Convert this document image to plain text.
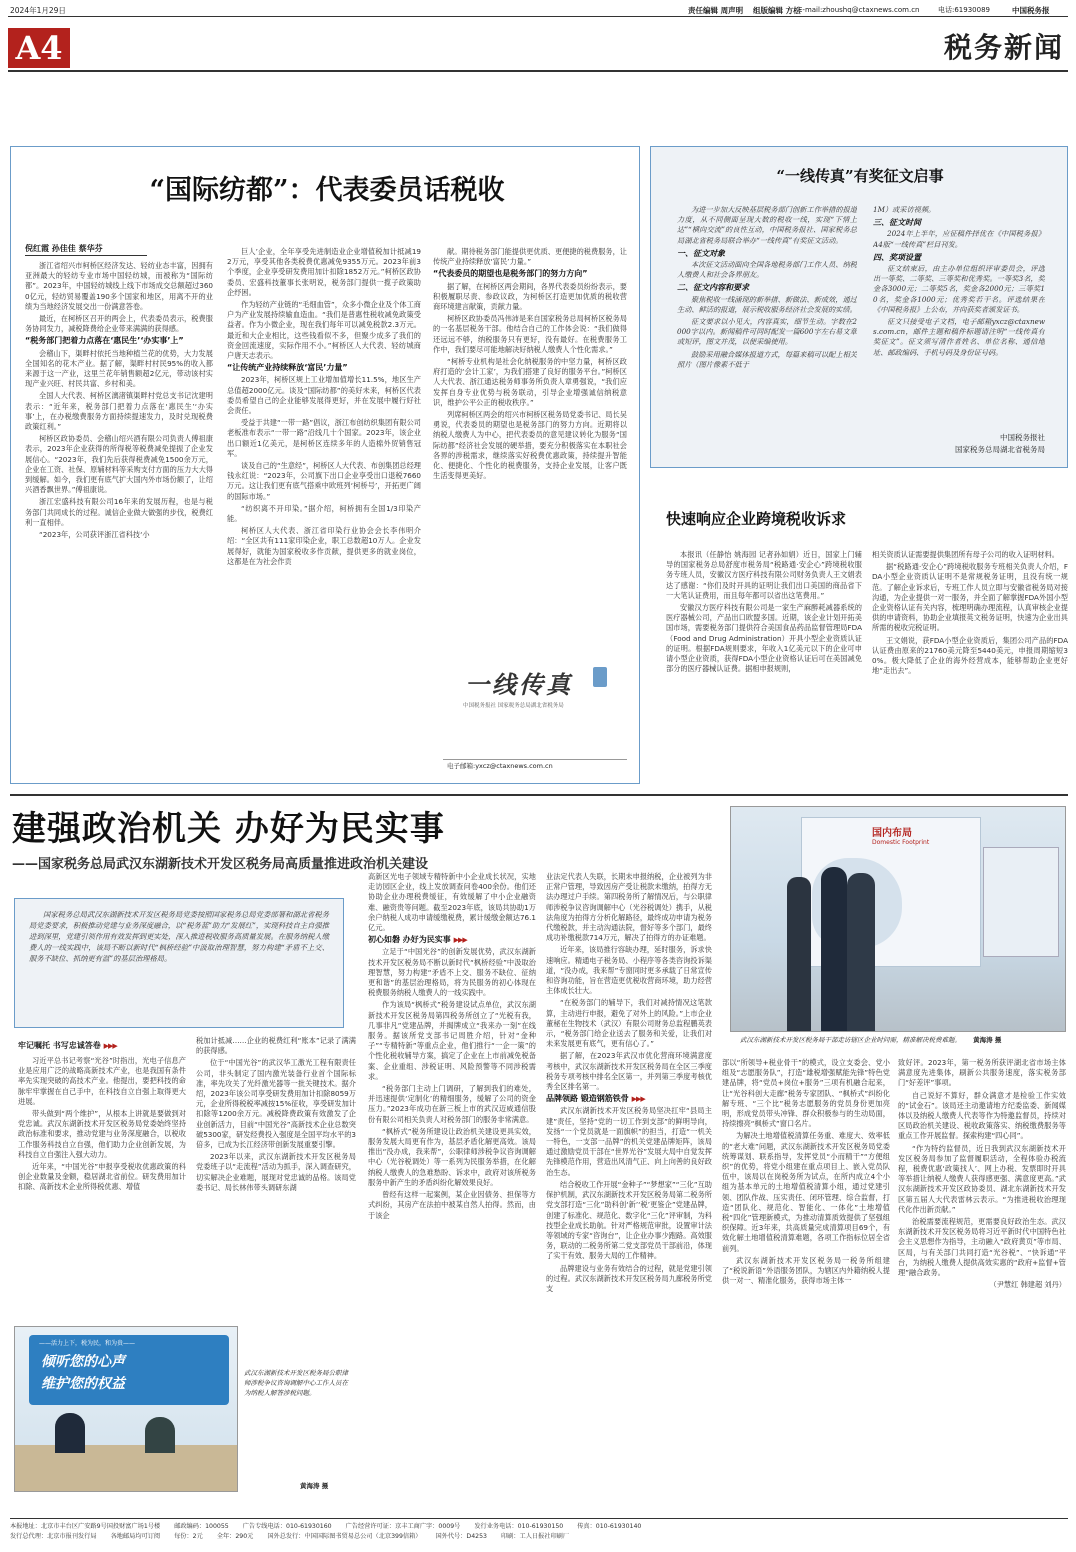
2024年1月29日	责任编辑 周声明 组版编辑 方松
E-mail:zhoushq@ctaxnews.com.cn	电话:61930089	中国税务报
A4	税务新闻
“国际纺都”：代表委员话税收
倪红霞 孙佳佳 蔡华芬

浙江省绍兴市柯桥区经济发达、轻纺业态丰富，因拥有亚洲最大的轻纺专业市场中国轻纺城，而被称为“国际纺都”。2023年，中国轻纺城线上线下市场成交总额超过3600亿元，轻纺贸易覆盖190多个国家和地区，用离不开的业绩为当地经济发展交出一份满意答卷。

最近，在柯桥区召开的两会上，代表委员表示，税费服务协同发力，减税降费给企业带来满满的获得感。

“税务部门把着力点落在‘惠民生’‘办实事’上”

会稽山下，渠畔村依托当地种植兰花的优势，大力发展全国知名的花木产业。据了解，渠畔村村民95%的收入都来源于这一产业，这里兰花年销售额超2亿元，带动该村实现产业兴旺、村民共富、乡村和美。

全国人大代表、柯桥区漓渚镇渠畔村党总支书记沈建明表示：“近年来，税务部门把着力点落在‘惠民生’‘办实事’上，在办税缴费服务方面持续提速发力，及时兑现税费政策红利。”

柯桥区政协委员、会稽山绍兴酒有限公司负责人傅祖康表示，2023年企业获得的所得税等税费减免提振了企业发展信心。“2023年，我们先后获得税费减免1500余万元，企业在工资、社保、原辅材料等采购支付方面的压力大大得到缓解。如今，我们更有底气扩大国内外市场份额了，让绍兴酒香飘世界。”傅祖康说。

浙江宏盛科技有限公司16年来的发展历程，也是与税务部门共同成长的过程。诚信企业做大做强的步伐，税费红利一直相伴。

“2023年，公司获评浙江省科技‘小

巨人’企业，全年享受先进制造业企业增值税加计抵减192万元，享受其他各类税费优惠减免9355万元。2023年前3个季度，企业享受研发费用加计扣除1852万元。”柯桥区政协委员、宏盛科技董事长张明说，税务部门提供一揽子政策助企纾困。

作为轻纺产业链的“毛细血管”，众多小微企业及个体工商户为产业发展持续输血造血。“我们是普惠性税收减免政策受益者。作为小微企业，现在我们每年可以减免税款2.3万元。最近和大企业相比，这些钱看似不多，但聚少成多了我们的资金回流速度，实际作用不小。”柯桥区人大代表、轻纺城商户唐天志表示。

“让传统产业持续释放‘富民’力量”

2023年，柯桥区规上工业增加值增长11.5%，地区生产总值超2000亿元。谈及“国际纺都”的美好未来，柯桥区代表委员希望自己的企业能够发展得更好，并在发展中履行好社会责任。

受益于共建“一带一路”倡议，浙江布创纺织集团有限公司老板准布表示“一带一路”沿线几十个国家。2023年，该企业出口额近1亿美元，是柯桥区连续多年的人造棉外贸销售冠军。

谈及自己的“生意经”，柯桥区人大代表、布创集团总经理钱永红说：“2023年，公司旗下出口企业享受出口退税7660万元。这让我们更有底气搭乘中欧班列‘柯桥号’，开拓更广阔的国际市场。”

“纺织离不开印染。”据介绍，柯桥拥有全国1/3印染产能。

柯桥区人大代表、浙江省印染行业协会会长李伟明介绍：“全区共有111家印染企业，职工总数超10万人。企业发展得好，就能为国家税收多作贡献，提供更多的就业岗位，这都是在为社会作贡

献。期待税务部门能提供更优质、更便捷的税费服务，让传统产业持续释放‘富民’力量。”

“代表委员的期望也是税务部门的努力方向”

据了解，在柯桥区两会期间，各界代表委员纷纷表示，要积极履职尽责、参政议政，为柯桥区打造更加优质的税收营商环境建言献策，贡献力量。

柯桥区政协委员冯伟沛是来自国家税务总局柯桥区税务局的一名基层税务干部。他结合自己的工作体会说：“我们做得还远远不够，纳税服务只有更好，没有最好。在税费服务工作中，我们要尽可能地解决好纳税人缴费人个性化需求。”

“柯桥专业机构是社会化纳税服务的中坚力量，柯桥区政府打造的‘会计工家’，为我们搭建了良好的服务平台。”柯桥区人大代表、浙江通达税务师事务所负责人章勇强说，“我们应发挥自身专业优势与税务联动，引导企业增强诚信纳税意识，维护公平公正的税收秩序。”

列席柯桥区两会的绍兴市柯桥区税务局党委书记、局长吴勇说，代表委员的期望也是税务部门的努力方向。近期将以纳税人缴费人为中心，把代表委员的意见建议转化为服务“国际纺都”经济社会发展的硬举措，要充分积极落实在本职社会各界的涉税需求，继续落实好税费优惠政策，持续提升智能化、便捷化、个性化的税费服务，支持企业发展，让客户既生活变得更美好。

一线传真
中国税务报社 国家税务总局湖北省税务局
电子邮箱:yxcz@ctaxnews.com.cn
“一线传真”有奖征文启事

为进一步加大反映基层税务部门创新工作举措的报道力度，从不同侧面呈现大数的税收一线，实现“下情上达”“横向交流”的良性互动，中国税务报社、国家税务总局湖北省税务局联合举办“一线传真”有奖征文活动。

一、征文对象

本次征文活动面向全国各地税务部门工作人员、纳税人缴费人和社会各界朋友。

二、征文内容和要求

聚焦税收一线涌现的新举措、新做法、新成效，通过生动、鲜活的报道，展示税收服务经济社会发展的实绩。

征文要求以小见大，内容真实，细节生动。字数在2000字以内。新闻稿件可同时配发一篇600字左右易文章或短评，图文并茂，以便采编使用。

鼓励采用融合媒体报道方式，每篇来稿可以配上相关照片（图片像素不低于

1M）或采访视频。

三、征文时间

2024年上半年，应征稿件择优在《中国税务报》A4版“一线传真”栏目刊发。

四、奖项设置

征文结束后，由主办单位组织评审委员会，评选出一等奖、二等奖、三等奖和优秀奖。一等奖3名，奖金各3000元；二等奖5名，奖金各2000元；三等奖10名，奖金各1000元；优秀奖若干名。评选结果在《中国税务报》上公布，并向获奖者颁发证书。

征文只接受电子文档，电子邮箱yxcz@ctaxnews.com.cn，邮件主题和稿件标题请注明“一线传真有奖征文”。征文须写清作者姓名、单位名称、通信地址、邮政编码、手机号码及身份证号码。

中国税务报社
国家税务总局湖北省税务局
快速响应企业跨境税收诉求

本报讯（任静怡 姚海园 记者孙如娟）近日，国家上门辅导的国家税务总局舒度市税务局“税路通·安企心”跨境税收服务专班人员，安徽汉方医疗科技有限公司财务负责人王文娟表达了感谢：“你们及时开具的证明让我们出口美国的商品省下一大笔认证费用，而且每年都可以省出这笔费用。”

安徽汉方医疗科技有限公司是一家生产麻醉耗减器系统的医疗器械公司，产品出口欧盟多国。近期，该企业计划开拓美国市场，需要税务部门提供符合美国食品药品监督管理局FDA（Food and Drug Administration）开具小型企业资质认证的证明。根据FDA规则要求，年收入1亿美元以下的企业可申请小型企业资质，获得FDA小型企业资格认证后可在美国减免部分的医疗器械认证费。据相申报规则，

相关资质认证需要提供集团所有母子公司的收入证明材料。

据“税路通·安企心”跨境税收服务专班相关负责人介绍，FDA小型企业资质认证明不是常规税务证明，且没有统一规范。了解企业诉求后，专班工作人员立即与安徽省税务局对接沟通，为企业提供一对一服务，并全面了解掌握FDA外国小型企业资格认证有关内容，梳理明确办理流程，认真审核企业提供的申请资料，协助企业填报英文税务证明，快速为企业出具所需的税收完税证明。

王文娟说，获FDA小型企业资质后，集团公司产品的FDA认证费由原来的21760美元降至5440美元，申报周期缩短30%。极大降低了企业的海外经营成本，能够帮助企业更好地“走出去”。

建强政治机关 办好为民实事
——国家税务总局武汉东湖新技术开发区税务局高质量推进政治机关建设
国家税务总局武汉东湖新技术开发区税务局党委按照国家税务总局党委部署和湖北省税务局党委要求，积极推动党建与业务深度融合，以“税务蓝”助力“发展红”，实现科技自主自强推进到深里，党建引领作用有效发挥到更实处，深入推进税收服务高质量发展。在服务纳税人缴费人的一线实践中，该局不断以新时代“枫桥经验”中汲取治理智慧，努力构建“矛盾不上交、服务不缺位、抓纳更有温”的基层治理格局。
牢记嘱托 书写忠诚答卷 ▶▶▶

习近平总书记考察“光谷”时指出，光电子信息产业是应用广泛的战略高新技术产业，也是我国有条件率先实现突破的高技术产业。他提出，要把科技的命脉牢牢掌握在自己手中，在科技自立自强上取得更大进展。

带头做到“两个维护”，从根本上讲就是要做到对党忠诚。武汉东湖新技术开发区税务局党委始终坚持政治标准和要求，推动党建与业务深度融合，以税收工作服务科技自立自强，他们助力企业创新发展，为科技自立自强注入强大动力。

近年来，“中国光谷”申报享受税收优惠政策的科创企业数量及金额，稳居湖北省前位。研发费用加计扣除、高新技术企业所得税优惠、增值

税加计抵减……企业的税费红利“账本”记录了满满的获得感。

位于“中国光谷”的武汉华工激光工程有限责任公司，非头制定了国内激光装备行业首个国际标准，率先攻关了光纤激光器等一批关键技术。据介绍，2023年该公司享受研发费用加计扣除8059万元，企业所得税税率减按15%征收，享受研发加计扣除等1200余万元。减税降费政策有效激发了企业创新活力，目前“中国光谷”高新技术企业总数突破5300家，研发经费投入强度是全国平均水平的3倍多，已成为长江经济带创新发展重要引擎。

2023年以来，武汉东湖新技术开发区税务局党委班子以“走流程”活动为抓手，深入调查研究，切实解决企业难题，展现对党忠诚的品格。该局党委书记、局长林伟带头调研东湖

高新区光电子领域专精特新中小企业成长状况，实地走访园区企业，线上发放调查问卷400余份。他们还协助企业办理税费缓征，有效缓解了中小企业融资难、融资贵等问题。截至2023年底，该局共协助1万余户纳税人成功申请缓缴税费，累计缓缴金额达76.1亿元。

初心如磐 办好为民实事 ▶▶▶

立足于“中国光谷”的创新发展优势，武汉东湖新技术开发区税务局不断以新时代“枫桥经验”中汲取治理智慧，努力构建“矛盾不上交、服务不缺位、征纳更和谐”的基层治理格局，将为民服务的初心体现在税费服务纳税人缴费人的一线实践中。

作为该局“枫桥式”税务建设试点单位，武汉东湖新技术开发区税务局第四税务所创立了“光税有我，几事非凡”党建品牌，并揭牌成立“我来办一刻”在线服务。据该所党支部书记周胜介绍，针对“金种子”“专精特新”等重点企业，他们推行“一企一策”的个性化税收辅导方案，搞定了企业在上市前减免税备案、企业重组、涉税证明、风险预警等不同涉税需求。

“税务部门主动上门调研，了解到我们的难处，并迅速提供‘定制化’的精细服务，缓解了公司的资金压力。”2023年成功在新三板上市的武汉迈威通信股份有限公司相关负责人对税务部门的服务非常满意。

“枫桥式”税务所建设让政治机关建设更具实效，服务发展大局更有作为，基层矛盾化解更高效。该局推出“没办成，我来帮”，公职律师涉税争议咨询调解中心（光谷税调处）等一系列为民服务举措，在化解纳税人缴费人的急难愁盼、诉求中，政府对该所税务服务中新产生的矛盾纠纷化解效果良好。

曾经有这样一起案例，某企业因债务、担保等方式纠纷，其房产在法拍中被某自然人拍得。然而，由于该企

业法定代表人失联，长期未申报纳税，企业被列为非正常户管理，导致因房产受让税款未缴纳，拍得方无法办理过户手续。第四税务所了解情况后，与公职律师涉税争议咨询调解中心（光谷税调处）携手，从税法角度为拍得方分析化解路径，最终成功申请为税务代缴税款，并主动沟通法院，督好等多个部门，最终成功补缴税款714万元，解决了拍得方的办证难题。

近年来，该局推行容缺办理，延时服务，诉求快速响应。精通电子税务局、小程序等各类咨询投诉渠道，“没办成，我来帮”专窗同时更多承载了日常宣传和咨询功能，旨在营造更优税收营商环境，助力经营主体成长壮大。

“在税务部门的辅导下，我们对减持情况这笔款算，主动进行申报，避免了对外上的风险。”上市企业董秘在生物技术（武汉）有限公司财务总监程鹏英表示，“税务部门给企业送去了服务和关爱，让我们对未来发展更有底气，更有信心了。”

据了解，在2023年武汉市优化营商环境满意度考核中，武汉东湖新技术开发区税务局在全区三季度税务专项考核中排名全区第一，并列第三季度考核优秀全区排名第一。

品牌领路 锻造钢筋铁骨 ▶▶▶

武汉东湖新技术开发区税务局坚决扛牢“县局主建”责任，坚持“党的一切工作到支部”的鲜明导向，发扬“一个党员就是一面旗帜”的担当，打造“一机关一特色，一支部一品牌”的机关党建品牌矩阵，该局通过激励党员干部在“世界光谷”发展大局中自觉发挥先锋模范作用，营造出风清气正、向上向善的良好政治生态。

结合税收工作开展“金种子”“梦想家”“三化”互助保护机制，武汉东湖新技术开发区税务局第二税务所党支部打造“三化”助科创‘新’‘税’更鉴企”党建品牌，创建了标准化、规范化、数字化“三化”评审制，为科技型企业成长助航。针对严格规范审批，设置审计法等领域的专家“咨询台”，让企业办事少跑路。高效服务，联动的二税务所第二党支部党员干部前沿，体现了实干有效、服务大局的工作精神。

品牌建设与业务有效结合的过程，就是党建引领的过程。武汉东湖新技术开发区税务局九廊税务所党支

国内布局
Domestic Footprint
武汉东湖新技术开发区税务局干部走访辖区企业时问需，精准解决税费难题。 黄海涛 摄

部以“所领导+税业骨干”的模式，设立支委会、党小组及“志愿服务队”，打造“雄税增强赋能先锋”特色党建品牌，将“党员+岗位+服务”三项有机融合起来，让“光谷科创大走廊”税务专家团队、“枫桥式”纠纷化解专班、“三个比”税务志愿服务的党员身份更加亮明，形成党员带头冲锋、群众积极参与的生动局面，持续擦亮“枫桥式”窗口名片。

为解决土地增值税清算任务重、难度大、效率低的“老大难”问题，武汉东湖新技术开发区税务局党委统筹谋划、联系指导，发挥党员“小而精干”“方便组织”的优势，将党小组建在重点项目上、嵌入党员队伍中，该局以在岗税务所为试点，在所内成立4个小组为基本单元的土地增值税清算小组，通过党建引领、团队作战、压实责任、闭环管理、综合监督，打造“团队化、规范化、智能化、一体化”土地增值税“四化”管理新模式，为推动清算质效提供了坚强组织保障。近3年来，共高质量完成清算项目69个，有效化解土地增值税清算难题，各项工作指标位居全省前列。

武汉东湖新技术开发区税务局一税务所组建了“税说新语”外语服务团队，为辖区内外籍纳税人提供一对一、精准化服务，获得市场主体一

致好评。2023年，第一税务所获评湖北省市场主体满意度先进集体，刷新公共服务速度，落实税务部门“好差评”事项。

自己说好不算好，群众满意才是检验工作实效的“试金石”。该局还主动邀请地方纪委监委、新闻媒体以及纳税人缴费人代表等作为特邀监督员，持续对区局政治机关建设、税收政策落实、纳税缴费服务等重点工作开展监督。探索构建“四心同”。

“作为特约监督员，近日我到武汉东湖新技术开发区税务局参加了监督履职活动，全程体验办税流程，税费优惠‘政策找人’、网上办税、发票即时开具等举措让纳税人缴费人获得感更强、满意度更高。”武汉东湖新技术开发区政协委员、湖北东湖新技术开发区第五届人大代表雷林云表示。“为推进税收治理现代化作出新贡献。”

治税需要流程规范，更需要良好政治生态。武汉东湖新技术开发区税务局将习近平新时代中国特色社会主义思想作为指导，主动融入“政府黄页”等市局、区局，与有关部门共同打造“光谷税”、“快诉通”平台，为纳税人缴费人提供高效实惠的“政府+监督+管理”融合政务。

（尹慧红 韩建超 刘丹）

——活力上下，税为民，和为贵——
倾听您的心声
维护您的权益
武汉东湖新技术开发区税务局公职律师涉税争议咨询调解中心工作人员在为纳税人解答涉税问题。
黄海涛 摄
本报地址：北京市丰台区广安路9号国投财富广场1号楼 邮政编码：100055 广告专线电话：010-61930160 广告经营许可证：京丰工商广字：0009号 发行业务电话：010-61930150 传真：010-61930140
发行总代理：北京市报刊发行局 各地邮局均可订阅 每份：2元 全年：290元 国外总发行：中国国际图书贸易总公司（北京399信箱） 国外代号：D4253 印刷：工人日报社印刷厂
